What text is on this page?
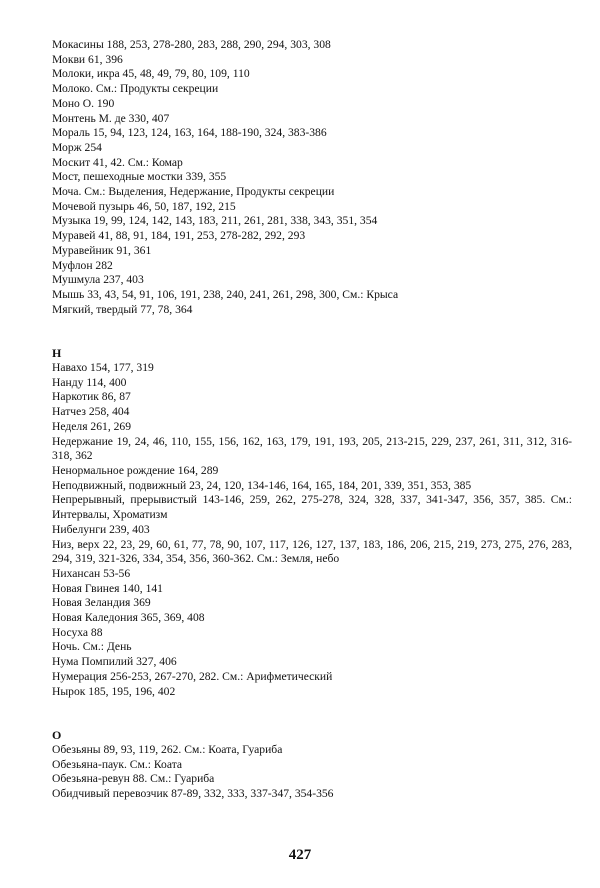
Мокасины 188, 253, 278-280, 283, 288, 290, 294, 303, 308
Мокви 61, 396
Молоки, икра 45, 48, 49, 79, 80, 109, 110
Молоко. См.: Продукты секреции
Моно О. 190
Монтень М. де 330, 407
Мораль 15, 94, 123, 124, 163, 164, 188-190, 324, 383-386
Морж 254
Москит 41, 42. См.: Комар
Мост, пешеходные мостки 339, 355
Моча. См.: Выделения, Недержание, Продукты секреции
Мочевой пузырь 46, 50, 187, 192, 215
Музыка 19, 99, 124, 142, 143, 183, 211, 261, 281, 338, 343, 351, 354
Муравей 41, 88, 91, 184, 191, 253, 278-282, 292, 293
Муравейник 91, 361
Муфлон 282
Мушмула 237, 403
Мышь 33, 43, 54, 91, 106, 191, 238, 240, 241, 261, 298, 300, См.: Крыса
Мягкий, твердый 77, 78, 364
Н
Навахо 154, 177, 319
Нанду 114, 400
Наркотик 86, 87
Натчез 258, 404
Неделя 261, 269
Недержание 19, 24, 46, 110, 155, 156, 162, 163, 179, 191, 193, 205, 213-215, 229, 237, 261, 311, 312, 316-318, 362
Ненормальное рождение 164, 289
Неподвижный, подвижный 23, 24, 120, 134-146, 164, 165, 184, 201, 339, 351, 353, 385
Непрерывный, прерывистый 143-146, 259, 262, 275-278, 324, 328, 337, 341-347, 356, 357, 385. См.: Интервалы, Хроматизм
Нибелунги 239, 403
Низ, верх 22, 23, 29, 60, 61, 77, 78, 90, 107, 117, 126, 127, 137, 183, 186, 206, 215, 219, 273, 275, 276, 283, 294, 319, 321-326, 334, 354, 356, 360-362. См.: Земля, небо
Нихансан 53-56
Новая Гвинея 140, 141
Новая Зеландия 369
Новая Каледония 365, 369, 408
Носуха 88
Ночь. См.: День
Нума Помпилий 327, 406
Нумерация 256-253, 267-270, 282. См.: Арифметический
Нырок 185, 195, 196, 402
О
Обезьяны 89, 93, 119, 262. См.: Коата, Гуариба
Обезьяна-паук. См.: Коата
Обезьяна-ревун 88. См.: Гуариба
Обидчивый перевозчик 87-89, 332, 333, 337-347, 354-356
427
